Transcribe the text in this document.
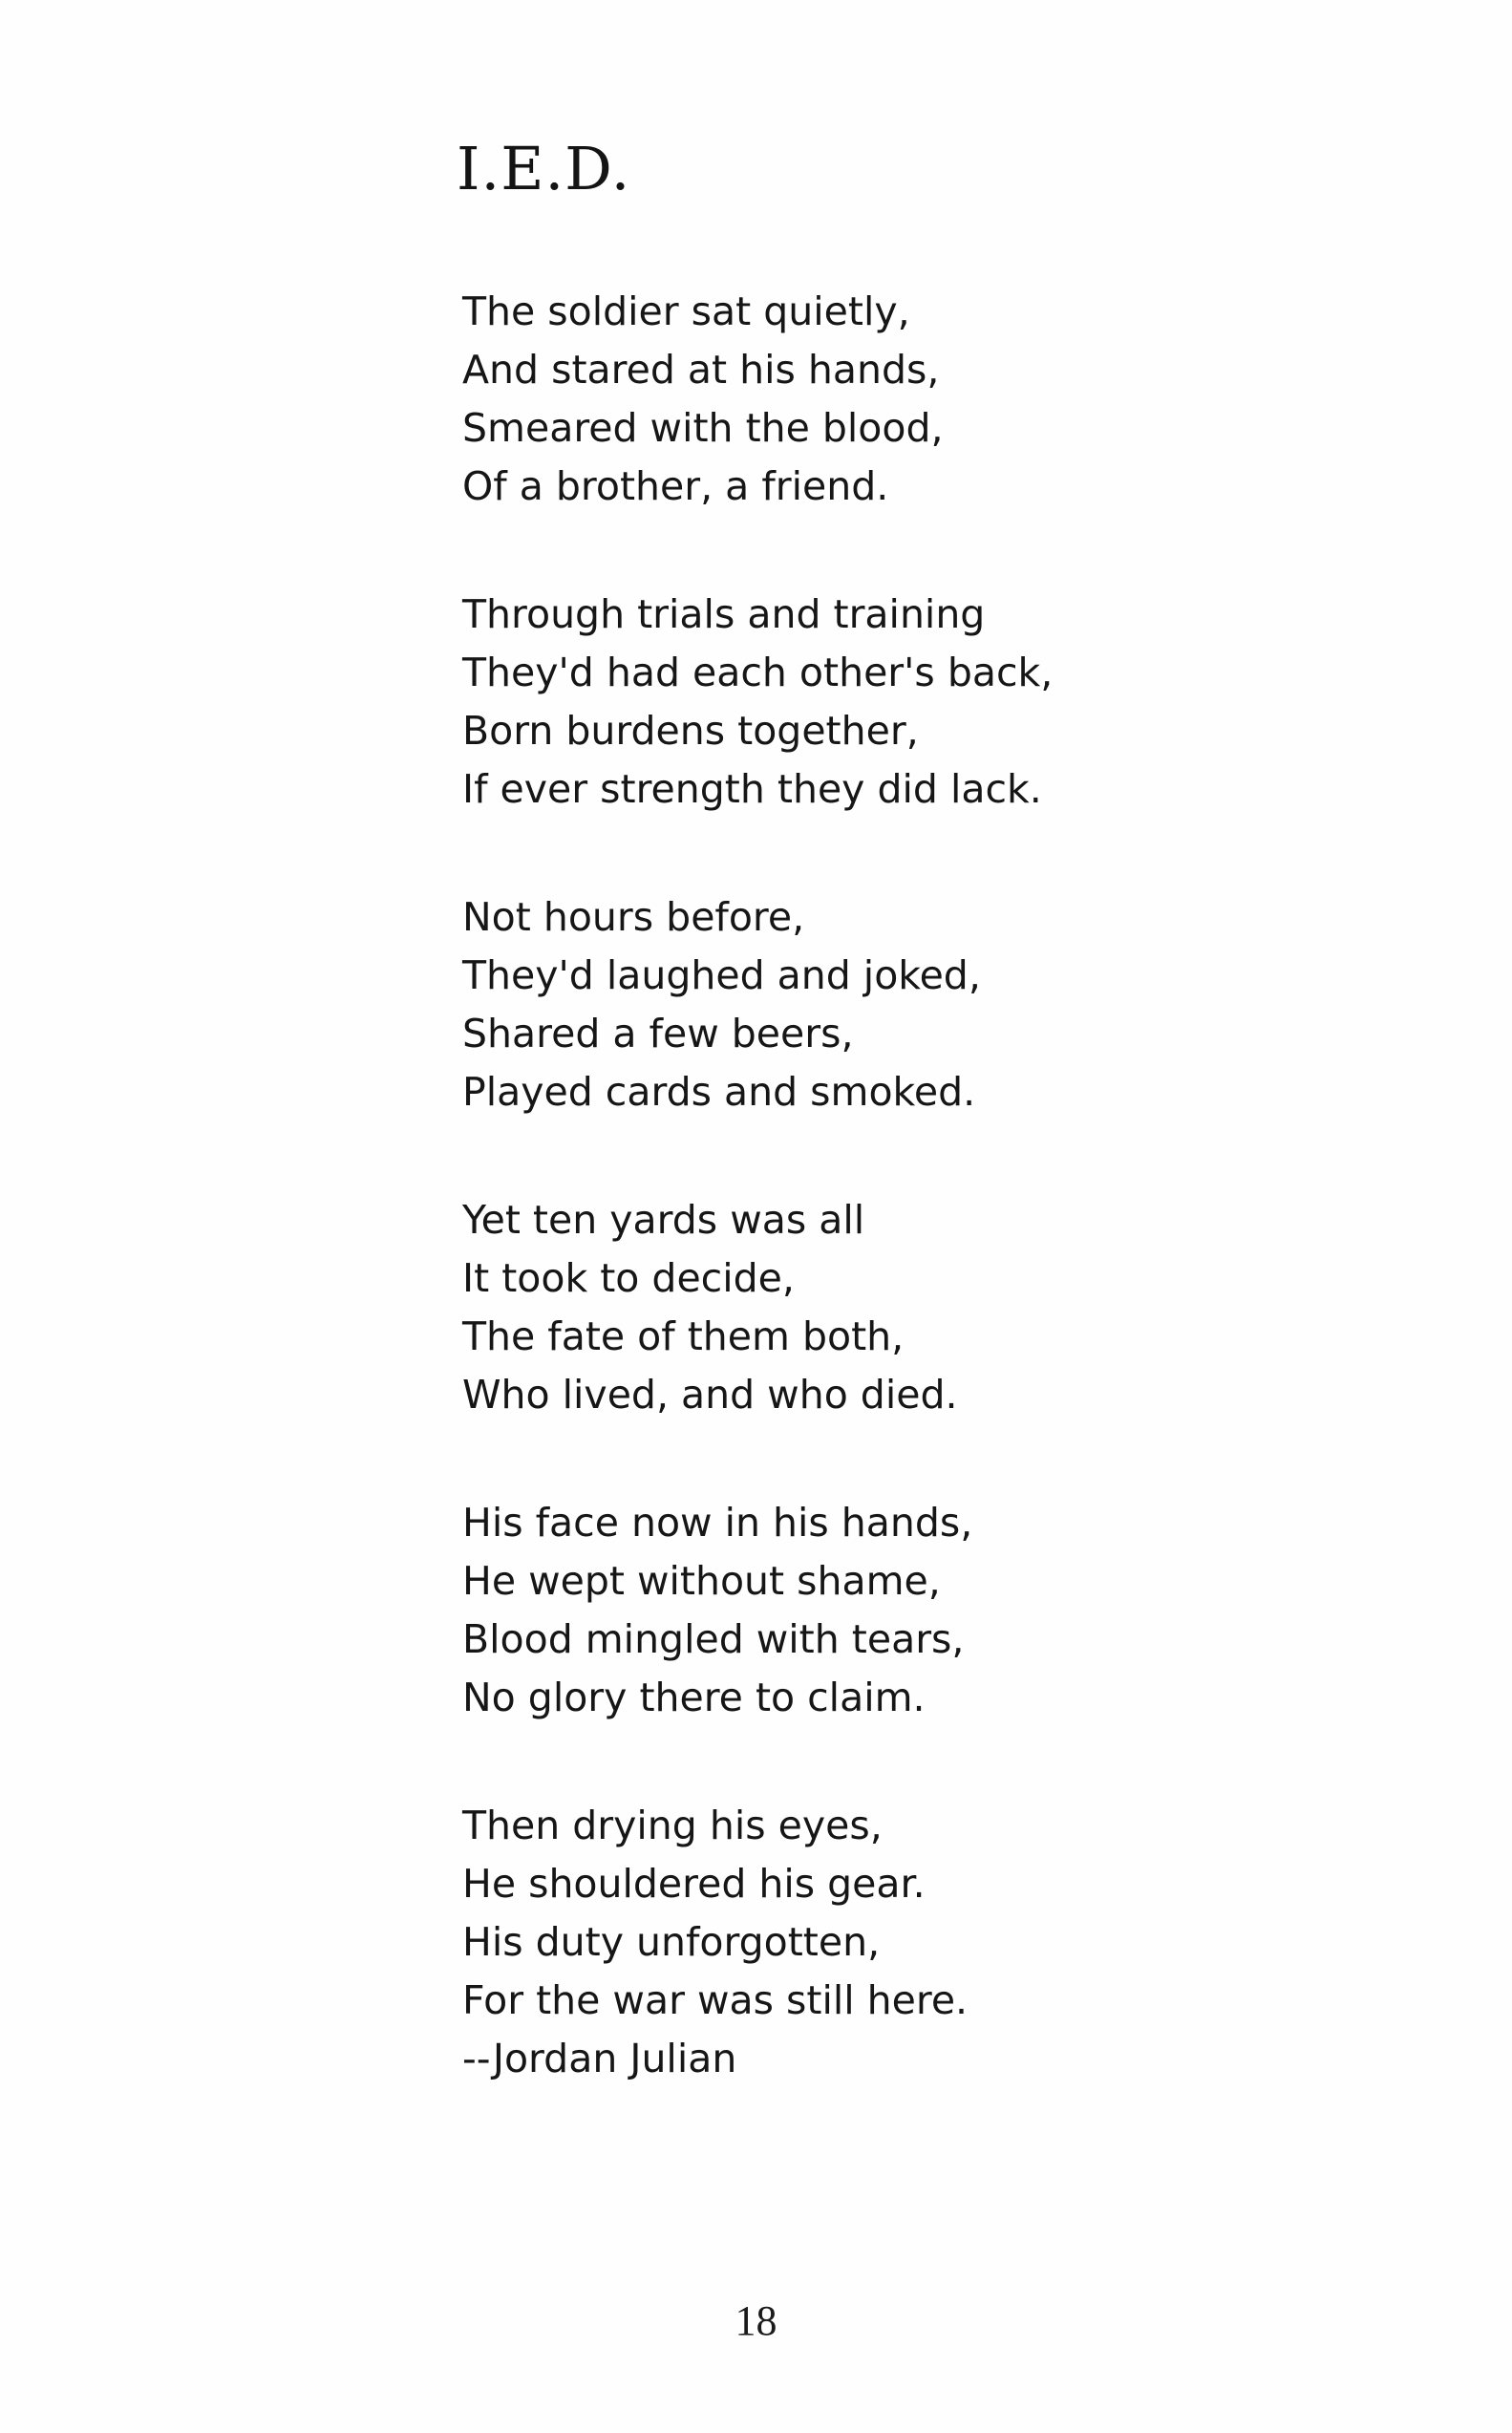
I.E.D.
The soldier sat quietly,
And stared at his hands,
Smeared with the blood,
Of a brother, a friend.
Through trials and training
They'd had each other's back,
Born burdens together,
If ever strength they did lack.
Not hours before,
They'd laughed and joked,
Shared a few beers,
Played cards and smoked.
Yet ten yards was all
It took to decide,
The fate of them both,
Who lived, and who died.
His face now in his hands,
He wept without shame,
Blood mingled with tears,
No glory there to claim.
Then drying his eyes,
He shouldered his gear.
His duty unforgotten,
For the war was still here.
--Jordan Julian
18
